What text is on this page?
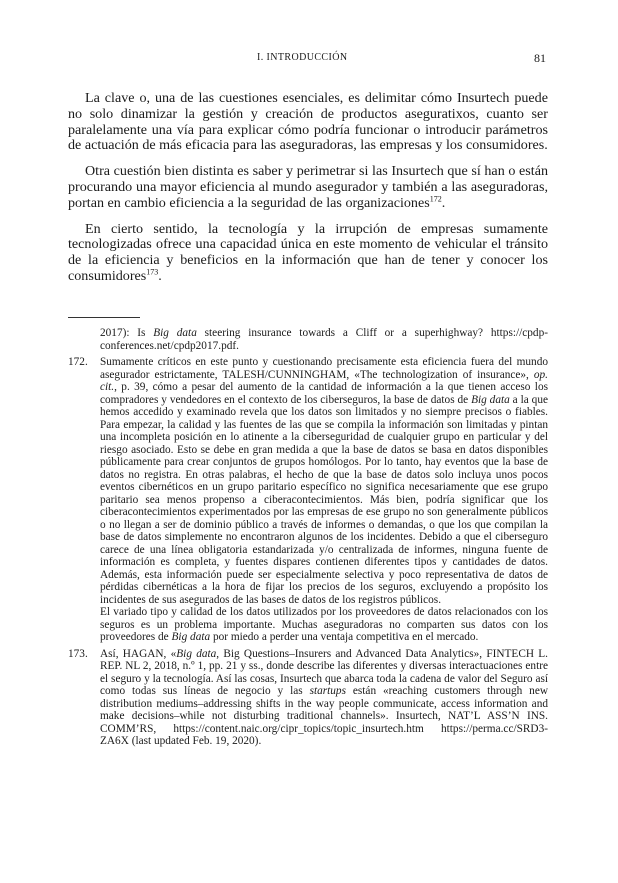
I. INTRODUCCIÓN	81

La clave o, una de las cuestiones esenciales, es delimitar cómo Insurtech puede no solo dinamizar la gestión y creación de productos aseguratixos, cuanto ser paralelamente una vía para explicar cómo podría funcionar o introducir parámetros de actuación de más eficacia para las aseguradoras, las empresas y los consumidores.

Otra cuestión bien distinta es saber y perimetrar si las Insurtech que sí han o están procurando una mayor eficiencia al mundo asegurador y también a las aseguradoras, portan en cambio eficiencia a la seguridad de las organizaciones$^{172}$.

En cierto sentido, la tecnología y la irrupción de empresas sumamente tecnologizadas ofrece una capacidad única en este momento de vehicular el tránsito de la eficiencia y beneficios en la información que han de tener y conocer los consumidores$^{173}$.

2017): Is Big data steering insurance towards a Cliff or a superhighway? https://cpdp-conferences.net/cpdp2017.pdf.

172. Sumamente críticos en este punto y cuestionando precisamente esta eficiencia fuera del mundo asegurador estrictamente, TALESH/CUNNINGHAM, «The technologization of insurance», op. cit., p. 39, cómo a pesar del aumento de la cantidad de información a la que tienen acceso los compradores y vendedores en el contexto de los ciberseguros, la base de datos de Big data a la que hemos accedido y examinado revela que los datos son limitados y no siempre precisos o fiables. Para empezar, la calidad y las fuentes de las que se compila la información son limitadas y pintan una incompleta posición en lo atinente a la ciberseguridad de cualquier grupo en particular y del riesgo asociado. Esto se debe en gran medida a que la base de datos se basa en datos disponibles públicamente para crear conjuntos de grupos homólogos. Por lo tanto, hay eventos que la base de datos no registra. En otras palabras, el hecho de que la base de datos solo incluya unos pocos eventos cibernéticos en un grupo paritario específico no significa necesariamente que ese grupo paritario sea menos propenso a ciberacontecimientos. Más bien, podría significar que los ciberacontecimientos experimentados por las empresas de ese grupo no son generalmente públicos o no llegan a ser de dominio público a través de informes o demandas, o que los que compilan la base de datos simplemente no encontraron algunos de los incidentes. Debido a que el ciberseguro carece de una línea obligatoria estandarizada y/o centralizada de informes, ninguna fuente de información es completa, y fuentes dispares contienen diferentes tipos y cantidades de datos. Además, esta información puede ser especialmente selectiva y poco representativa de datos de pérdidas cibernéticas a la hora de fijar los precios de los seguros, excluyendo a propósito los incidentes de sus asegurados de las bases de datos de los registros públicos.

El variado tipo y calidad de los datos utilizados por los proveedores de datos relacionados con los seguros es un problema importante. Muchas aseguradoras no comparten sus datos con los proveedores de Big data por miedo a perder una ventaja competitiva en el mercado.

173. Así, HAGAN, «Big data, Big Questions–Insurers and Advanced Data Analytics», FINTECH L. REP. NL 2, 2018, n.º 1, pp. 21 y ss., donde describe las diferentes y diversas interactuaciones entre el seguro y la tecnología. Así las cosas, Insurtech que abarca toda la cadena de valor del Seguro así como todas sus líneas de negocio y las startups están «reaching customers through new distribution mediums–addressing shifts in the way people communicate, access information and make decisions–while not disturbing traditional channels». Insurtech, NAT’L ASS’N INS. COMM’RS, https://content.naic.org/cipr_topics/topic_insurtech.htm https://perma.cc/SRD3- ZA6X (last updated Feb. 19, 2020).
